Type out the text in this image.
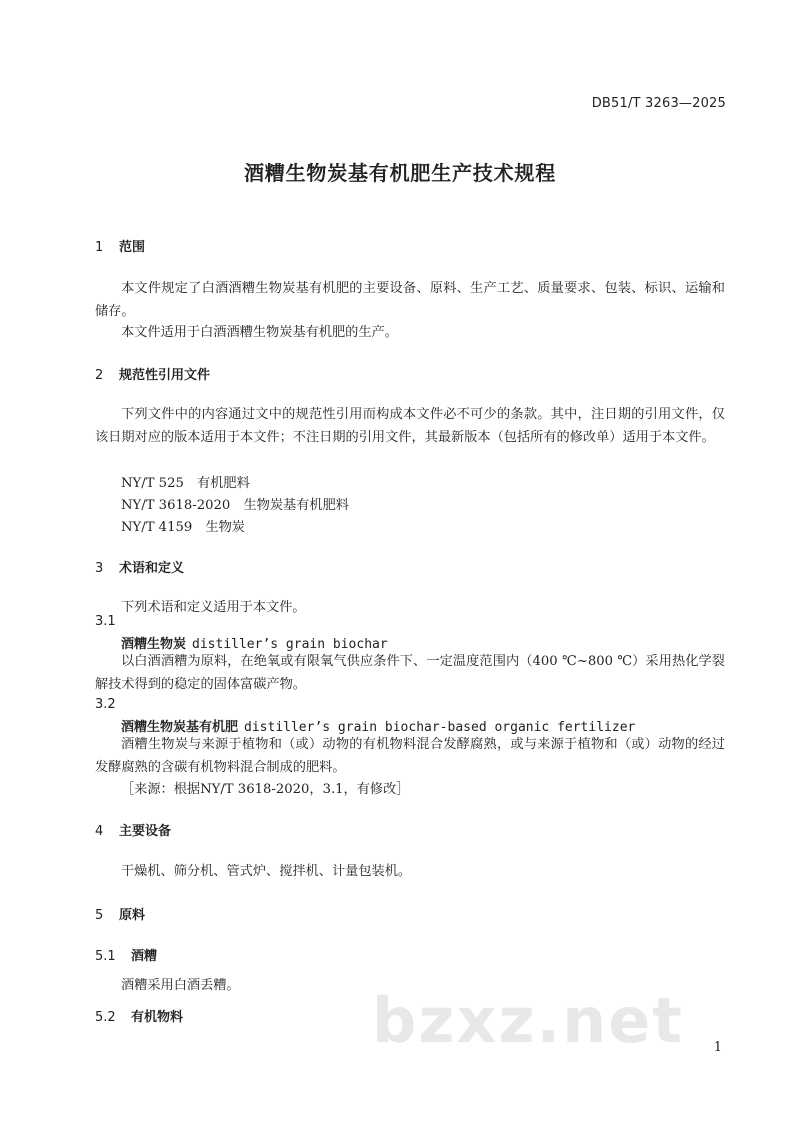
DB51/T 3263—2025
酒糟生物炭基有机肥生产技术规程
1 范围
本文件规定了白酒酒糟生物炭基有机肥的主要设备、原料、生产工艺、质量要求、包装、标识、运输和储存。
本文件适用于白酒酒糟生物炭基有机肥的生产。
2 规范性引用文件
下列文件中的内容通过文中的规范性引用而构成本文件必不可少的条款。其中，注日期的引用文件，仅该日期对应的版本适用于本文件；不注日期的引用文件，其最新版本（包括所有的修改单）适用于本文件。
NY/T 525　有机肥料
NY/T 3618-2020　生物炭基有机肥料
NY/T 4159　生物炭
3 术语和定义
下列术语和定义适用于本文件。
3.1
酒糟生物炭 distiller’s grain biochar
以白酒酒糟为原料，在绝氧或有限氧气供应条件下、一定温度范围内（400 ℃~800 ℃）采用热化学裂解技术得到的稳定的固体富碳产物。
3.2
酒糟生物炭基有机肥 distiller’s grain biochar-based organic fertilizer
酒糟生物炭与来源于植物和（或）动物的有机物料混合发酵腐熟，或与来源于植物和（或）动物的经过发酵腐熟的含碳有机物料混合制成的肥料。
［来源：根据NY/T 3618-2020，3.1，有修改］
4 主要设备
干燥机、筛分机、管式炉、搅拌机、计量包装机。
5 原料
5.1 酒糟
酒糟采用白酒丢糟。
5.2 有机物料	bzxz.net 1
